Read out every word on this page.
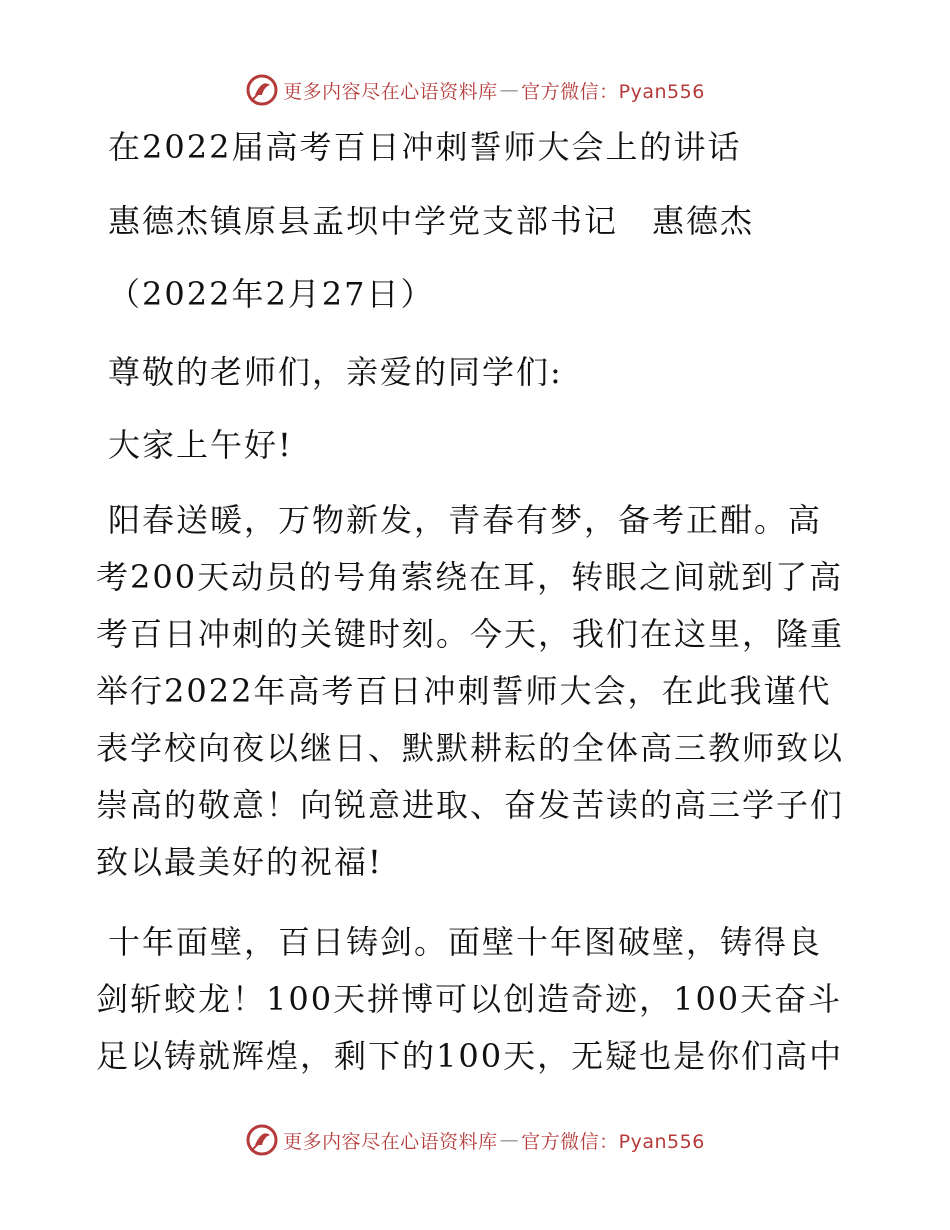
更多内容尽在心语资料库 — 官方微信：Pyan556
在2022届高考百日冲刺誓师大会上的讲话
惠德杰镇原县孟坝中学党支部书记　惠德杰
（2022年2月27日）
尊敬的老师们，亲爱的同学们:
大家上午好!
阳春送暖，万物新发，青春有梦，备考正酣。高
考200天动员的号角萦绕在耳，转眼之间就到了高
考百日冲刺的关键时刻。今天，我们在这里，隆重
举行2022年高考百日冲刺誓师大会，在此我谨代
表学校向夜以继日、默默耕耘的全体高三教师致以
崇高的敬意！向锐意进取、奋发苦读的高三学子们
致以最美好的祝福!
十年面壁，百日铸剑。面壁十年图破壁，铸得良
剑斩蛟龙！100天拼博可以创造奇迹，100天奋斗
足以铸就辉煌，剩下的100天，无疑也是你们高中
更多内容尽在心语资料库 — 官方微信：Pyan556
